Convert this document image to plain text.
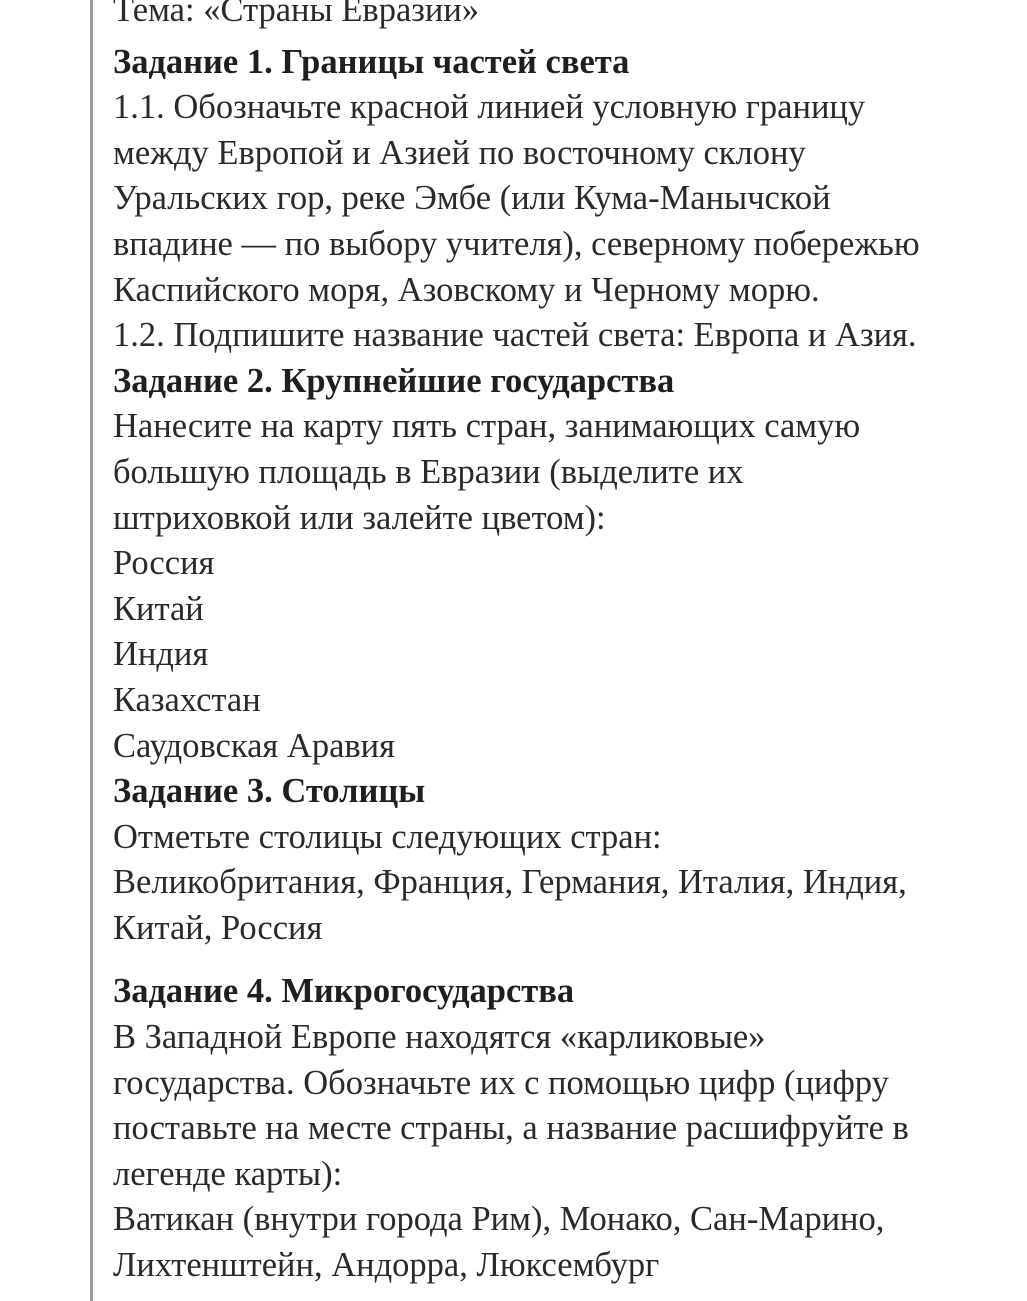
Тема: «Страны Евразии»
Задание 1. Границы частей света
1.1. Обозначьте красной линией условную границу
между Европой и Азией по восточному склону
Уральских гор, реке Эмбе (или Кума-Манычской
впадине — по выбору учителя), северному побережью
Каспийского моря, Азовскому и Черному морю.
1.2. Подпишите название частей света: Европа и Азия.
Задание 2. Крупнейшие государства
Нанесите на карту пять стран, занимающих самую
большую площадь в Евразии (выделите их
штриховкой или залейте цветом):
Россия
Китай
Индия
Казахстан
Саудовская Аравия
Задание 3. Столицы
Отметьте столицы следующих стран:
Великобритания, Франция, Германия, Италия, Индия,
Китай, Россия
Задание 4. Микрогосударства
В Западной Европе находятся «карликовые»
государства. Обозначьте их с помощью цифр (цифру
поставьте на месте страны, а название расшифруйте в
легенде карты):
Ватикан (внутри города Рим), Монако, Сан-Марино,
Лихтенштейн, Андорра, Люксембург
